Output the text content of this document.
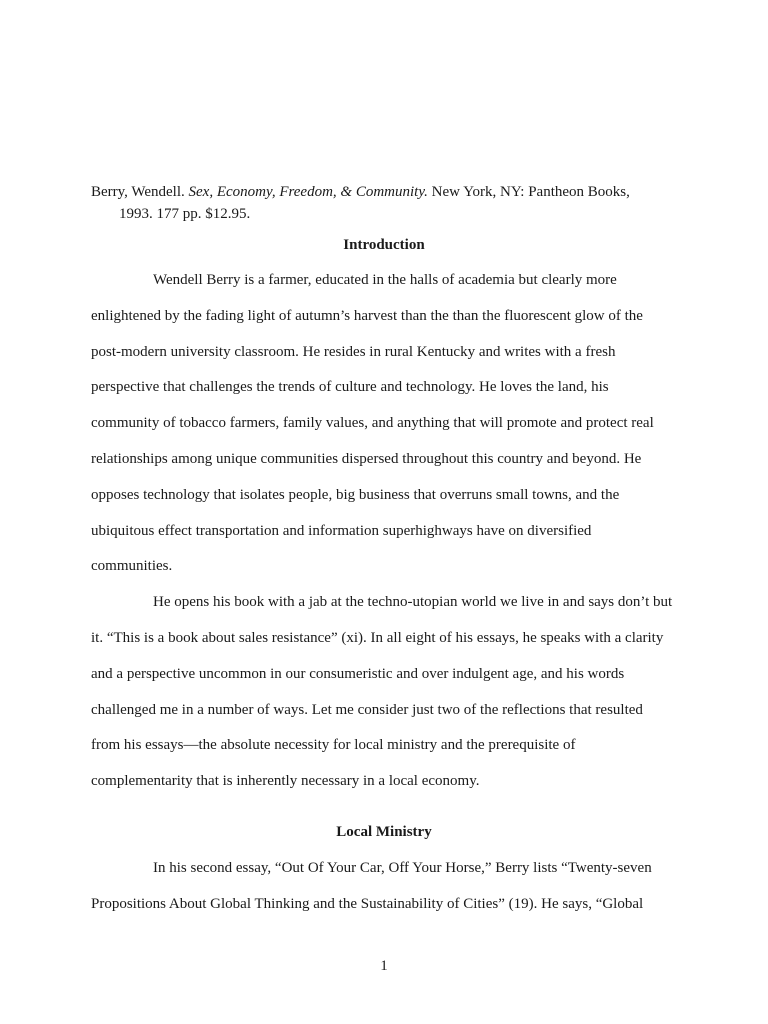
Berry, Wendell. Sex, Economy, Freedom, & Community. New York, NY: Pantheon Books,
1993. 177 pp. $12.95.
Introduction
Wendell Berry is a farmer, educated in the halls of academia but clearly more
enlightened by the fading light of autumn’s harvest than the than the fluorescent glow of the
post-modern university classroom. He resides in rural Kentucky and writes with a fresh
perspective that challenges the trends of culture and technology. He loves the land, his
community of tobacco farmers, family values, and anything that will promote and protect real
relationships among unique communities dispersed throughout this country and beyond. He
opposes technology that isolates people, big business that overruns small towns, and the
ubiquitous effect transportation and information superhighways have on diversified
communities.
He opens his book with a jab at the techno-utopian world we live in and says don’t but
it. “This is a book about sales resistance” (xi). In all eight of his essays, he speaks with a clarity
and a perspective uncommon in our consumeristic and over indulgent age, and his words
challenged me in a number of ways. Let me consider just two of the reflections that resulted
from his essays—the absolute necessity for local ministry and the prerequisite of
complementarity that is inherently necessary in a local economy.
Local Ministry
In his second essay, “Out Of Your Car, Off Your Horse,” Berry lists “Twenty-seven
Propositions About Global Thinking and the Sustainability of Cities” (19). He says, “Global
1
